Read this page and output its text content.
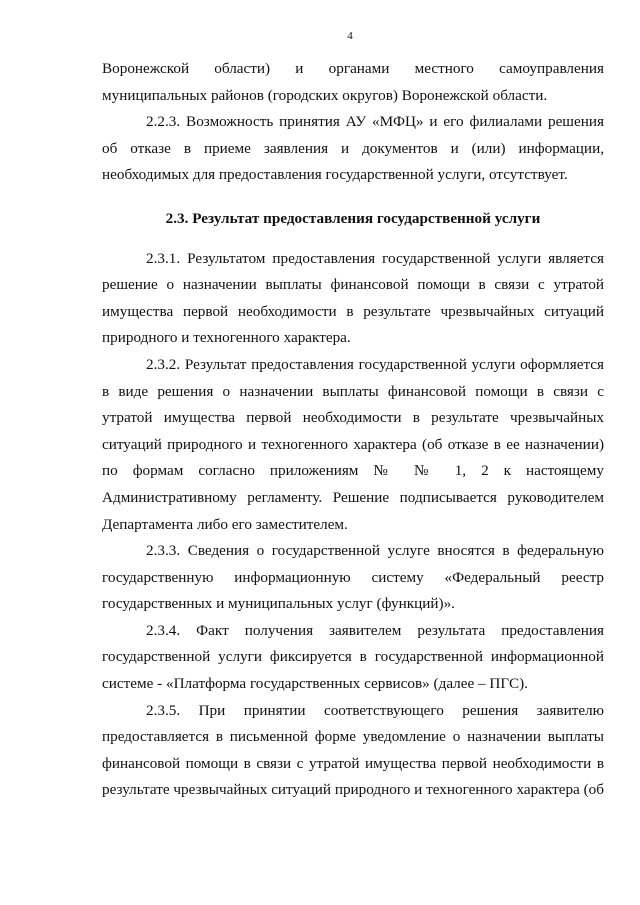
4

Воронежской области) и органами местного самоуправления муниципальных районов (городских округов) Воронежской области.

2.2.3. Возможность принятия АУ «МФЦ» и его филиалами решения об отказе в приеме заявления и документов и (или) информации, необходимых для предоставления государственной услуги, отсутствует.

2.3. Результат предоставления государственной услуги

2.3.1. Результатом предоставления государственной услуги является решение о назначении выплаты финансовой помощи в связи с утратой имущества первой необходимости в результате чрезвычайных ситуаций природного и техногенного характера.

2.3.2. Результат предоставления государственной услуги оформляется в виде решения о назначении выплаты финансовой помощи в связи с утратой имущества первой необходимости в результате чрезвычайных ситуаций природного и техногенного характера (об отказе в ее назначении) по формам согласно приложениям № № 1, 2 к настоящему Административному регламенту. Решение подписывается руководителем Департамента либо его заместителем.

2.3.3. Сведения о государственной услуге вносятся в федеральную государственную информационную систему «Федеральный реестр государственных и муниципальных услуг (функций)».

2.3.4. Факт получения заявителем результата предоставления государственной услуги фиксируется в государственной информационной системе - «Платформа государственных сервисов» (далее – ПГС).

2.3.5. При принятии соответствующего решения заявителю предоставляется в письменной форме уведомление о назначении выплаты финансовой помощи в связи с утратой имущества первой необходимости в результате чрезвычайных ситуаций природного и техногенного характера (об
